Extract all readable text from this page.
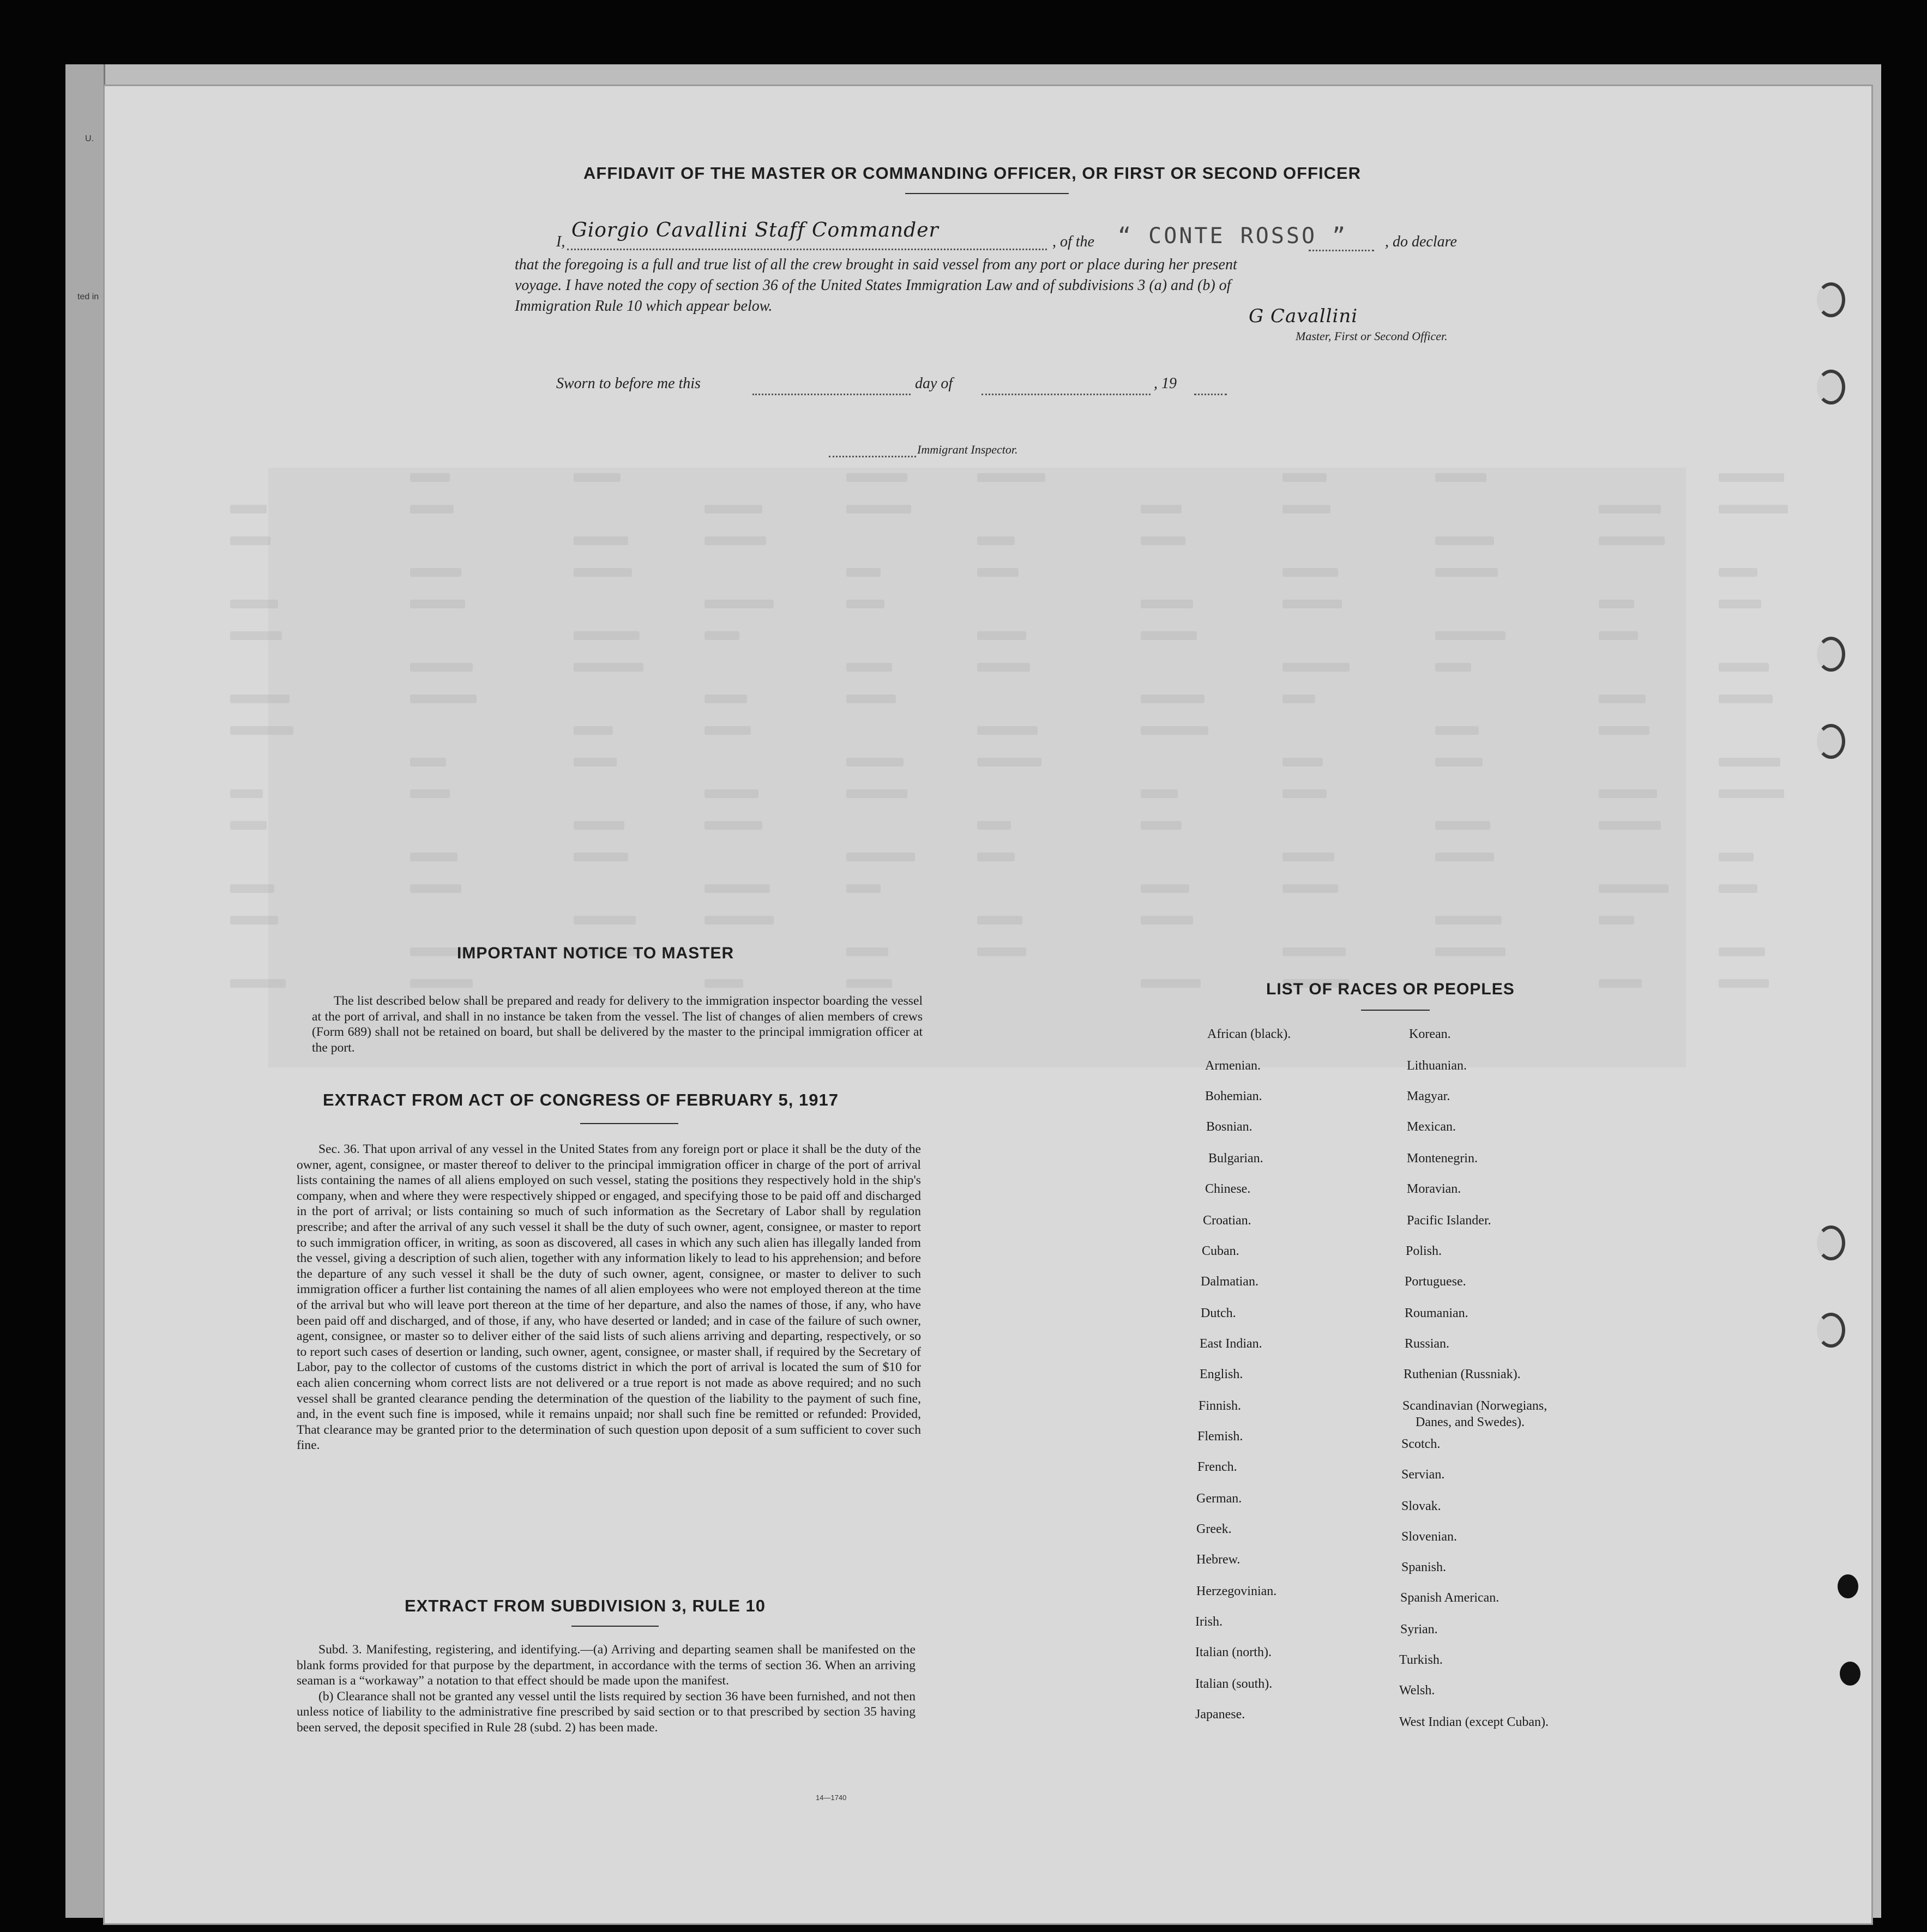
U.
ted in
AFFIDAVIT OF THE MASTER OR COMMANDING OFFICER, OR FIRST OR SECOND OFFICER
I,
Giorgio Cavallini Staff Commander
, of the “ CONTE ROSSO ” , do declare
that the foregoing is a full and true list of all the crew brought in said vessel from any port or place during her present
voyage. I have noted the copy of section 36 of the United States Immigration Law and of subdivisions 3 (a) and (b) of
Immigration Rule 10 which appear below.	G Cavallini
Master, First or Second Officer.
Sworn to before me this	day of	, 19
Immigrant Inspector.
IMPORTANT NOTICE TO MASTER

The list described below shall be prepared and ready for delivery to the immigration inspector boarding the vessel at the port of arrival, and shall in no instance be taken from the vessel. The list of changes of alien members of crews (Form 689) shall not be retained on board, but shall be delivered by the master to the principal immigration officer at the port.

EXTRACT FROM ACT OF CONGRESS OF FEBRUARY 5, 1917

Sec. 36. That upon arrival of any vessel in the United States from any foreign port or place it shall be the duty of the owner, agent, consignee, or master thereof to deliver to the principal immigration officer in charge of the port of arrival lists containing the names of all aliens employed on such vessel, stating the positions they respectively hold in the ship's company, when and where they were respectively shipped or engaged, and specifying those to be paid off and discharged in the port of arrival; or lists containing so much of such information as the Secretary of Labor shall by regulation prescribe; and after the arrival of any such vessel it shall be the duty of such owner, agent, consignee, or master to report to such immigration officer, in writing, as soon as discovered, all cases in which any such alien has illegally landed from the vessel, giving a description of such alien, together with any information likely to lead to his apprehension; and before the departure of any such vessel it shall be the duty of such owner, agent, consignee, or master to deliver to such immigration officer a further list containing the names of all alien employees who were not employed thereon at the time of the arrival but who will leave port thereon at the time of her departure, and also the names of those, if any, who have been paid off and discharged, and of those, if any, who have deserted or landed; and in case of the failure of such owner, agent, consignee, or master so to deliver either of the said lists of such aliens arriving and departing, respectively, or so to report such cases of desertion or landing, such owner, agent, consignee, or master shall, if required by the Secretary of Labor, pay to the collector of customs of the customs district in which the port of arrival is located the sum of $10 for each alien concerning whom correct lists are not delivered or a true report is not made as above required; and no such vessel shall be granted clearance pending the determination of the question of the liability to the payment of such fine, and, in the event such fine is imposed, while it remains unpaid; nor shall such fine be remitted or refunded: Provided, That clearance may be granted prior to the determination of such question upon deposit of a sum sufficient to cover such fine.

EXTRACT FROM SUBDIVISION 3, RULE 10

Subd. 3. Manifesting, registering, and identifying.—(a) Arriving and departing seamen shall be manifested on the blank forms provided for that purpose by the department, in accordance with the terms of section 36. When an arriving seaman is a “workaway” a notation to that effect should be made upon the manifest.

(b) Clearance shall not be granted any vessel until the lists required by section 36 have been furnished, and not then unless notice of liability to the administrative fine prescribed by said section or to that prescribed by section 35 having been served, the deposit specified in Rule 28 (subd. 2) has been made.

14—1740
LIST OF RACES OR PEOPLES
African (black).
Armenian.
Bohemian.
Bosnian.
Bulgarian.
Chinese.
Croatian.
Cuban.
Dalmatian.
Dutch.
East Indian.
English.
Finnish.
Flemish.
French.
German.
Greek.
Hebrew.
Herzegovinian.
Irish.
Italian (north).
Italian (south).
Japanese.
Korean.
Lithuanian.
Magyar.
Mexican.
Montenegrin.
Moravian.
Pacific Islander.
Polish.
Portuguese.
Roumanian.
Russian.
Ruthenian (Russniak).
Scandinavian (Norwegians,
Danes, and Swedes).
Scotch.
Servian.
Slovak.
Slovenian.
Spanish.
Spanish American.
Syrian.
Turkish.
Welsh.
West Indian (except Cuban).
